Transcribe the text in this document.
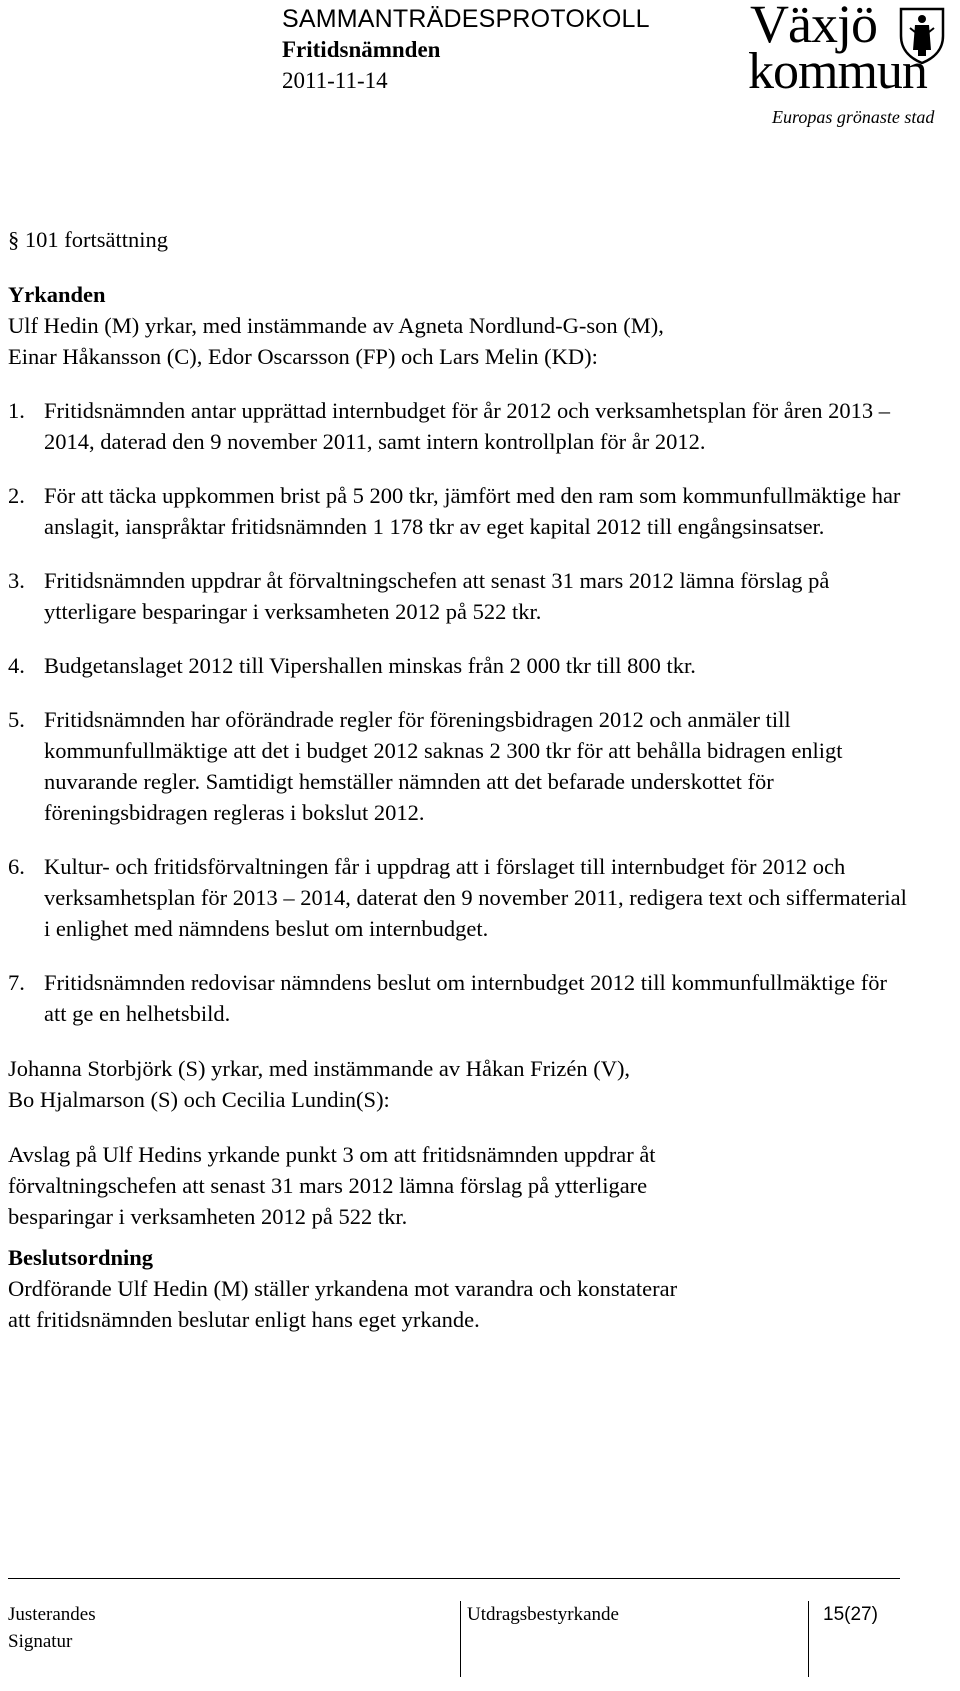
SAMMANTRÄDESPROTOKOLL
Fritidsnämnden
2011-11-14
Växjö
kommun
Europas grönaste stad

§ 101 fortsättning

Yrkanden

Ulf Hedin (M) yrkar, med instämmande av Agneta Nordlund-G-son (M),

Einar Håkansson (C), Edor Oscarsson (FP) och Lars Melin (KD):

1. Fritidsnämnden antar upprättad internbudget för år 2012 och verksamhetsplan för åren 2013 – 2014, daterad den 9 november 2011, samt intern kontrollplan för år 2012.
2. För att täcka uppkommen brist på 5 200 tkr, jämfört med den ram som kommunfullmäktige har anslagit, ianspråktar fritidsnämnden 1 178 tkr av eget kapital 2012 till engångsinsatser.
3. Fritidsnämnden uppdrar åt förvaltningschefen att senast 31 mars 2012 lämna förslag på ytterligare besparingar i verksamheten 2012 på 522 tkr.
4. Budgetanslaget 2012 till Vipershallen minskas från 2 000 tkr till 800 tkr.
5. Fritidsnämnden har oförändrade regler för föreningsbidragen 2012 och anmäler till kommunfullmäktige att det i budget 2012 saknas 2 300 tkr för att behålla bidragen enligt nuvarande regler. Samtidigt hemställer nämnden att det befarade underskottet för föreningsbidragen regleras i bokslut 2012.
6. Kultur- och fritidsförvaltningen får i uppdrag att i förslaget till internbudget för 2012 och verksamhetsplan för 2013 – 2014, daterat den 9 november 2011, redigera text och siffermaterial i enlighet med nämndens beslut om internbudget.
7. Fritidsnämnden redovisar nämndens beslut om internbudget 2012 till kommunfullmäktige för att ge en helhetsbild.

Johanna Storbjörk (S) yrkar, med instämmande av Håkan Frizén (V),

Bo Hjalmarson (S) och Cecilia Lundin(S):

Avslag på Ulf Hedins yrkande punkt 3 om att fritidsnämnden uppdrar åt

förvaltningschefen att senast 31 mars 2012 lämna förslag på ytterligare

besparingar i verksamheten 2012 på 522 tkr.

Beslutsordning

Ordförande Ulf Hedin (M) ställer yrkandena mot varandra och konstaterar

att fritidsnämnden beslutar enligt hans eget yrkande.

Justerandes
Signatur
Utdragsbestyrkande	15(27)
